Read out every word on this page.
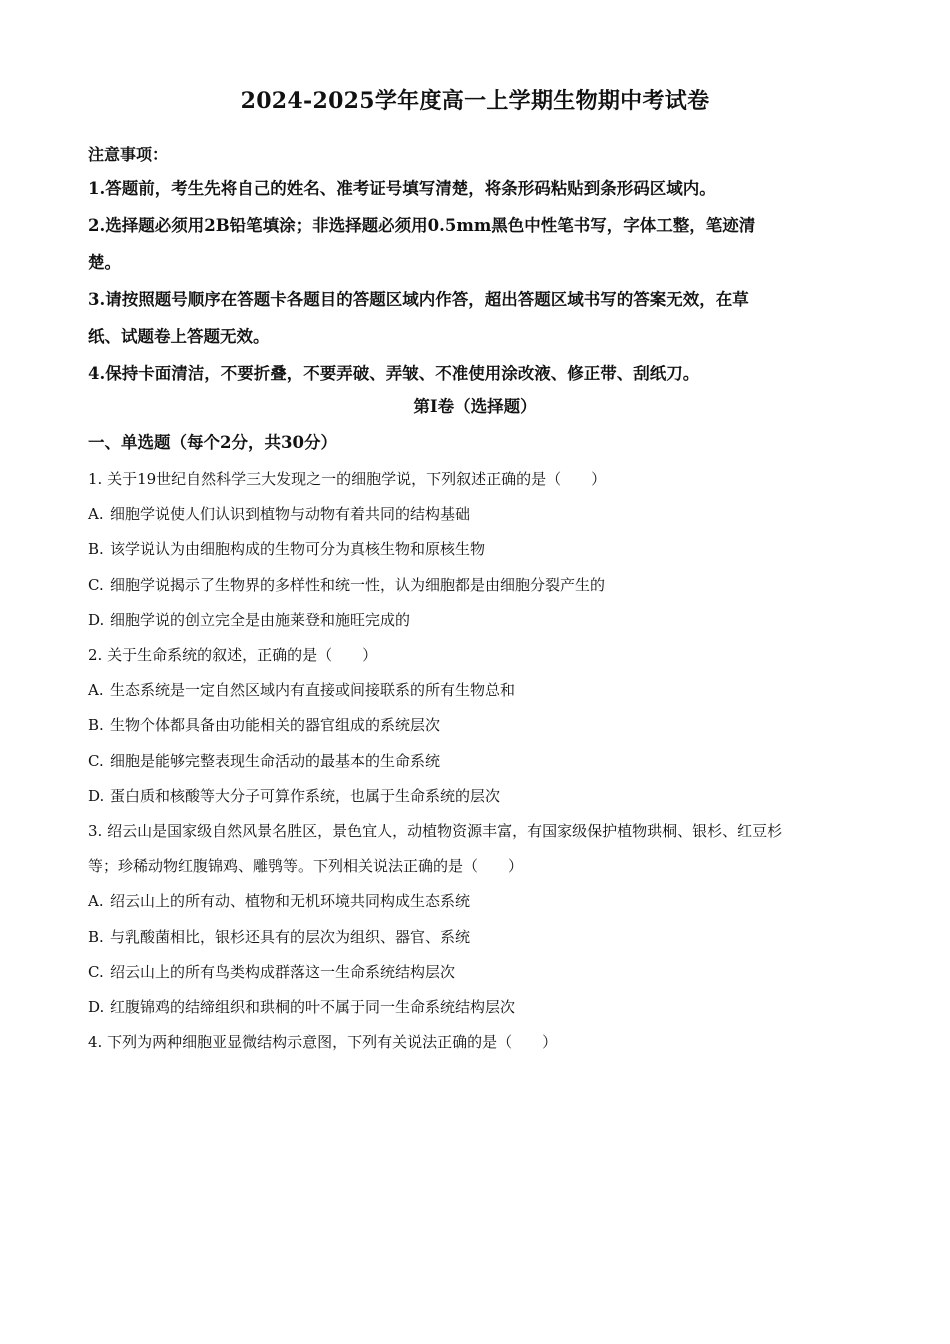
2024-2025学年度高一上学期生物期中考试卷
注意事项：

1.答题前，考生先将自己的姓名、准考证号填写清楚，将条形码粘贴到条形码区域内。

2.选择题必须用2B铅笔填涂；非选择题必须用0.5mm黑色中性笔书写，字体工整，笔迹清

楚。

3.请按照题号顺序在答题卡各题目的答题区域内作答，超出答题区域书写的答案无效，在草

纸、试题卷上答题无效。

4.保持卡面清洁，不要折叠，不要弄破、弄皱、不准使用涂改液、修正带、刮纸刀。

第I卷（选择题）
一、单选题（每个2分，共30分）

1. 关于19世纪自然科学三大发现之一的细胞学说，下列叙述正确的是（　　）

A. 细胞学说使人们认识到植物与动物有着共同的结构基础

B. 该学说认为由细胞构成的生物可分为真核生物和原核生物

C. 细胞学说揭示了生物界的多样性和统一性，认为细胞都是由细胞分裂产生的

D. 细胞学说的创立完全是由施莱登和施旺完成的

2. 关于生命系统的叙述，正确的是（　　）

A. 生态系统是一定自然区域内有直接或间接联系的所有生物总和

B. 生物个体都具备由功能相关的器官组成的系统层次

C. 细胞是能够完整表现生命活动的最基本的生命系统

D. 蛋白质和核酸等大分子可算作系统，也属于生命系统的层次

3. 绍云山是国家级自然风景名胜区，景色宜人，动植物资源丰富，有国家级保护植物珙桐、银杉、红豆杉

等；珍稀动物红腹锦鸡、雕鸮等。下列相关说法正确的是（　　）

A. 绍云山上的所有动、植物和无机环境共同构成生态系统

B. 与乳酸菌相比，银杉还具有的层次为组织、器官、系统

C. 绍云山上的所有鸟类构成群落这一生命系统结构层次

D. 红腹锦鸡的结缔组织和珙桐的叶不属于同一生命系统结构层次

4. 下列为两种细胞亚显微结构示意图，下列有关说法正确的是（　　）
